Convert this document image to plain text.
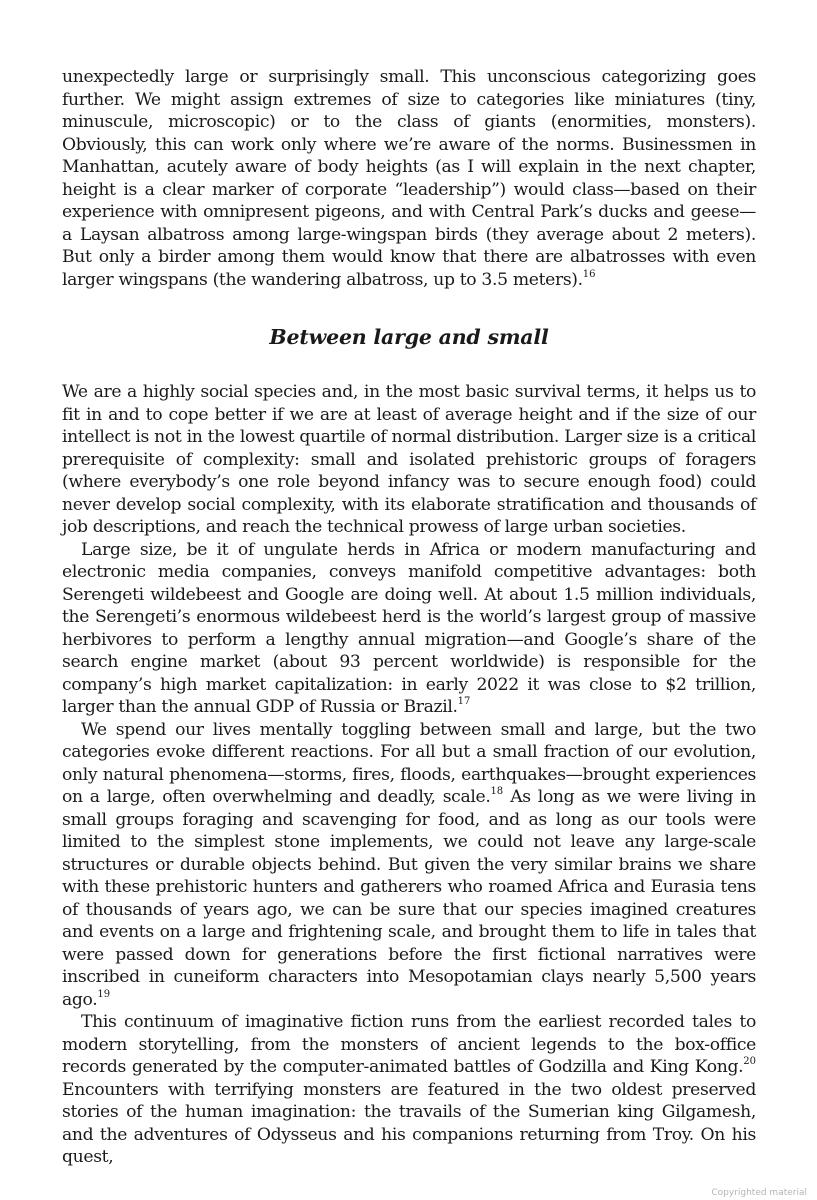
unexpectedly large or surprisingly small. This unconscious categorizing goes further. We might assign extremes of size to categories like miniatures (tiny, minuscule, microscopic) or to the class of giants (enormities, monsters). Obviously, this can work only where we’re aware of the norms. Businessmen in Manhattan, acutely aware of body heights (as I will explain in the next chapter, height is a clear marker of corporate “leadership”) would class—based on their experience with omnipresent pigeons, and with Central Park’s ducks and geese—a Laysan albatross among large-wingspan birds (they average about 2 meters). But only a birder among them would know that there are albatrosses with even larger wingspans (the wandering albatross, up to 3.5 meters).$^{16}$

Between large and small

We are a highly social species and, in the most basic survival terms, it helps us to fit in and to cope better if we are at least of average height and if the size of our intellect is not in the lowest quartile of normal distribution. Larger size is a critical prerequisite of complexity: small and isolated prehistoric groups of foragers (where everybody’s one role beyond infancy was to secure enough food) could never develop social complexity, with its elaborate stratification and thousands of job descriptions, and reach the technical prowess of large urban societies.

Large size, be it of ungulate herds in Africa or modern manufacturing and electronic media companies, conveys manifold competitive advantages: both Serengeti wildebeest and Google are doing well. At about 1.5 million individuals, the Serengeti’s enormous wildebeest herd is the world’s largest group of massive herbivores to perform a lengthy annual migration—and Google’s share of the search engine market (about 93 percent worldwide) is responsible for the company’s high market capitalization: in early 2022 it was close to $2 trillion, larger than the annual GDP of Russia or Brazil.$^{17}$

We spend our lives mentally toggling between small and large, but the two categories evoke different reactions. For all but a small fraction of our evolution, only natural phenomena—storms, fires, floods, earthquakes—brought experiences on a large, often overwhelming and deadly, scale.$^{18}$ As long as we were living in small groups foraging and scavenging for food, and as long as our tools were limited to the simplest stone implements, we could not leave any large-scale structures or durable objects behind. But given the very similar brains we share with these prehistoric hunters and gatherers who roamed Africa and Eurasia tens of thousands of years ago, we can be sure that our species imagined creatures and events on a large and frightening scale, and brought them to life in tales that were passed down for generations before the first fictional narratives were inscribed in cuneiform characters into Mesopotamian clays nearly 5,500 years ago.$^{19}$

This continuum of imaginative fiction runs from the earliest recorded tales to modern storytelling, from the monsters of ancient legends to the box-office records generated by the computer-animated battles of Godzilla and King Kong.$^{20}$ Encounters with terrifying monsters are featured in the two oldest preserved stories of the human imagination: the travails of the Sumerian king Gilgamesh, and the adventures of Odysseus and his companions returning from Troy. On his quest,

Copyrighted material
